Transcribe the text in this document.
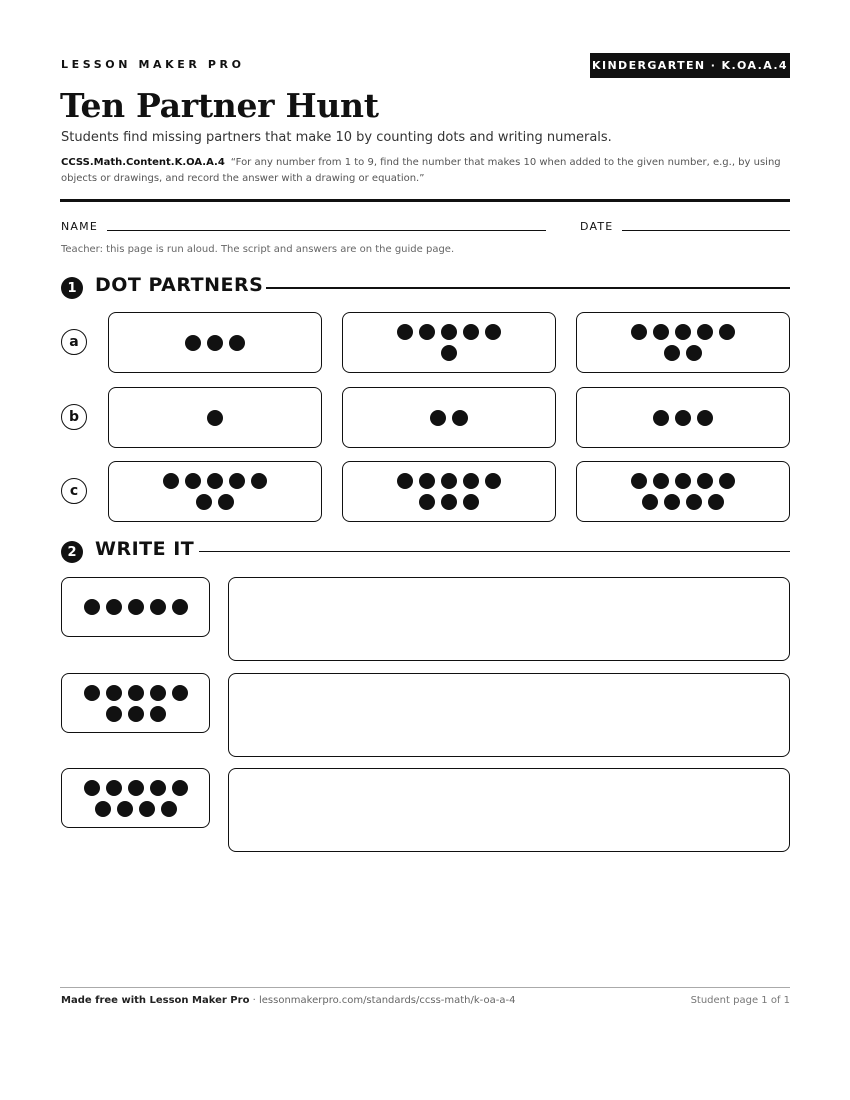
LESSON MAKER PRO	KINDERGARTEN · K.OA.A.4
Ten Partner Hunt
Students find missing partners that make 10 by counting dots and writing numerals.
CCSS.Math.Content.K.OA.A.4 “For any number from 1 to 9, find the number that makes 10 when added to the given number, e.g., by using objects or drawings, and record the answer with a drawing or equation.”
NAME	DATE
Teacher: this page is run aloud. The script and answers are on the guide page.
1 DOT PARTNERS
2 WRITE IT
Made free with Lesson Maker Pro · lessonmakerpro.com/standards/ccss-math/k-oa-a-4	Student page 1 of 1
a
b
c
